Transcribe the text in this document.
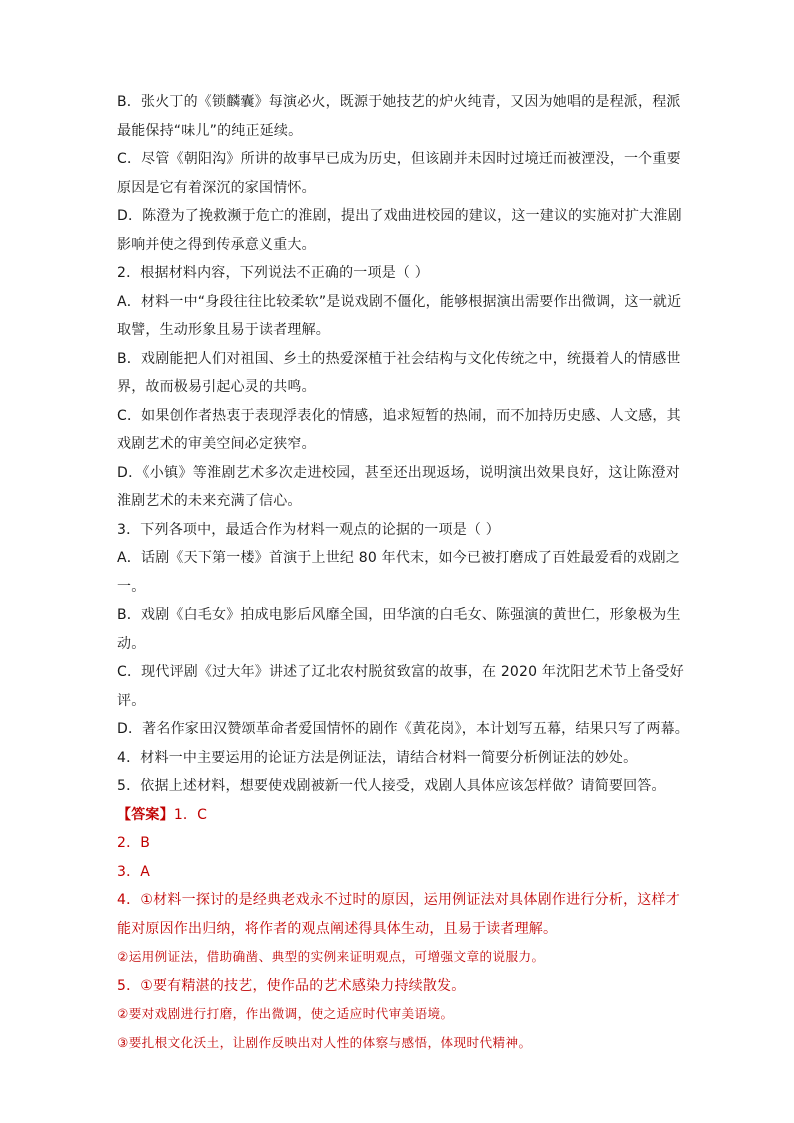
B．张火丁的《锁麟囊》每演必火，既源于她技艺的炉火纯青，又因为她唱的是程派，程派
最能保持“味儿”的纯正延续。
C．尽管《朝阳沟》所讲的故事早已成为历史，但该剧并未因时过境迁而被湮没，一个重要
原因是它有着深沉的家国情怀。
D．陈澄为了挽救濒于危亡的淮剧，提出了戏曲进校园的建议，这一建议的实施对扩大淮剧
影响并使之得到传承意义重大。
2．根据材料内容，下列说法不正确的一项是（ ）
A．材料一中“身段往往比较柔软”是说戏剧不僵化，能够根据演出需要作出微调，这一就近
取譬，生动形象且易于读者理解。
B．戏剧能把人们对祖国、乡土的热爱深植于社会结构与文化传统之中，统摄着人的情感世
界，故而极易引起心灵的共鸣。
C．如果创作者热衷于表现浮表化的情感，追求短暂的热闹，而不加持历史感、人文感，其
戏剧艺术的审美空间必定狭窄。
D．《小镇》等淮剧艺术多次走进校园，甚至还出现返场，说明演出效果良好，这让陈澄对
淮剧艺术的未来充满了信心。
3．下列各项中，最适合作为材料一观点的论据的一项是（ ）
A．话剧《天下第一楼》首演于上世纪 80 年代末，如今已被打磨成了百姓最爱看的戏剧之
一。
B．戏剧《白毛女》拍成电影后风靡全国，田华演的白毛女、陈强演的黄世仁，形象极为生
动。
C．现代评剧《过大年》讲述了辽北农村脱贫致富的故事，在 2020 年沈阳艺术节上备受好
评。
D．著名作家田汉赞颂革命者爱国情怀的剧作《黄花岗》，本计划写五幕，结果只写了两幕。
4．材料一中主要运用的论证方法是例证法，请结合材料一简要分析例证法的妙处。
5．依据上述材料，想要使戏剧被新一代人接受，戏剧人具体应该怎样做？请简要回答。
【答案】1．C
2．B
3．A
4．①材料一探讨的是经典老戏永不过时的原因，运用例证法对具体剧作进行分析，这样才
能对原因作出归纳，将作者的观点阐述得具体生动，且易于读者理解。
②运用例证法，借助确凿、典型的实例来证明观点，可增强文章的说服力。
5．①要有精湛的技艺，使作品的艺术感染力持续散发。
②要对戏剧进行打磨，作出微调，使之适应时代审美语境。
③要扎根文化沃土，让剧作反映出对人性的体察与感悟，体现时代精神。
